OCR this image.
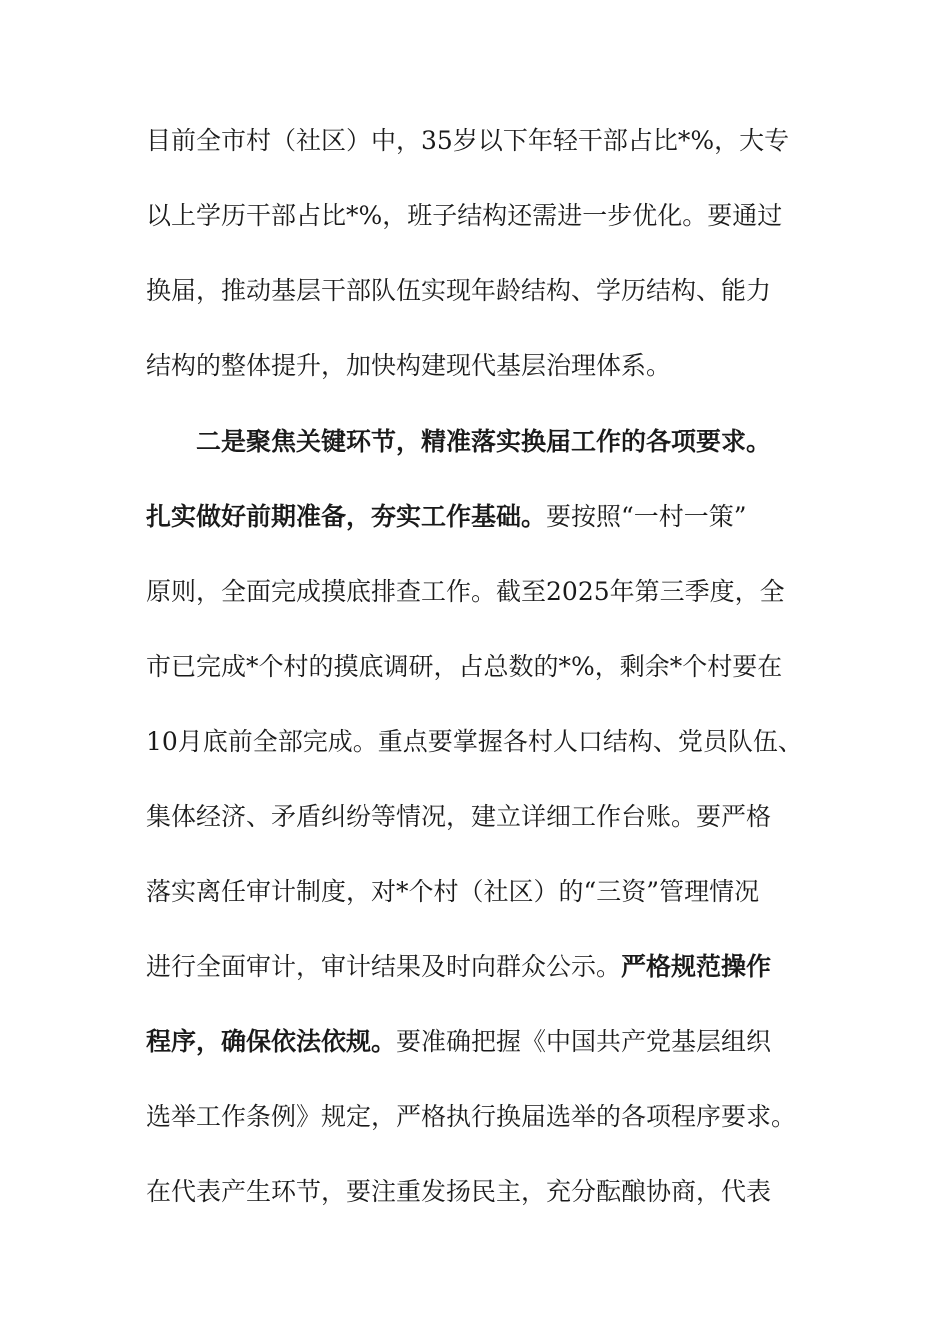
目前全市村（社区）中，35岁以下年轻干部占比*%，大专
以上学历干部占比*%，班子结构还需进一步优化。要通过
换届，推动基层干部队伍实现年龄结构、学历结构、能力
结构的整体提升，加快构建现代基层治理体系。
二是聚焦关键环节，精准落实换届工作的各项要求。
扎实做好前期准备，夯实工作基础。要按照“一村一策”
原则，全面完成摸底排查工作。截至2025年第三季度，全
市已完成*个村的摸底调研，占总数的*%，剩余*个村要在
10月底前全部完成。重点要掌握各村人口结构、党员队伍、
集体经济、矛盾纠纷等情况，建立详细工作台账。要严格
落实离任审计制度，对*个村（社区）的“三资”管理情况
进行全面审计，审计结果及时向群众公示。严格规范操作
程序，确保依法依规。要准确把握《中国共产党基层组织
选举工作条例》规定，严格执行换届选举的各项程序要求。
在代表产生环节，要注重发扬民主，充分酝酿协商，代表
